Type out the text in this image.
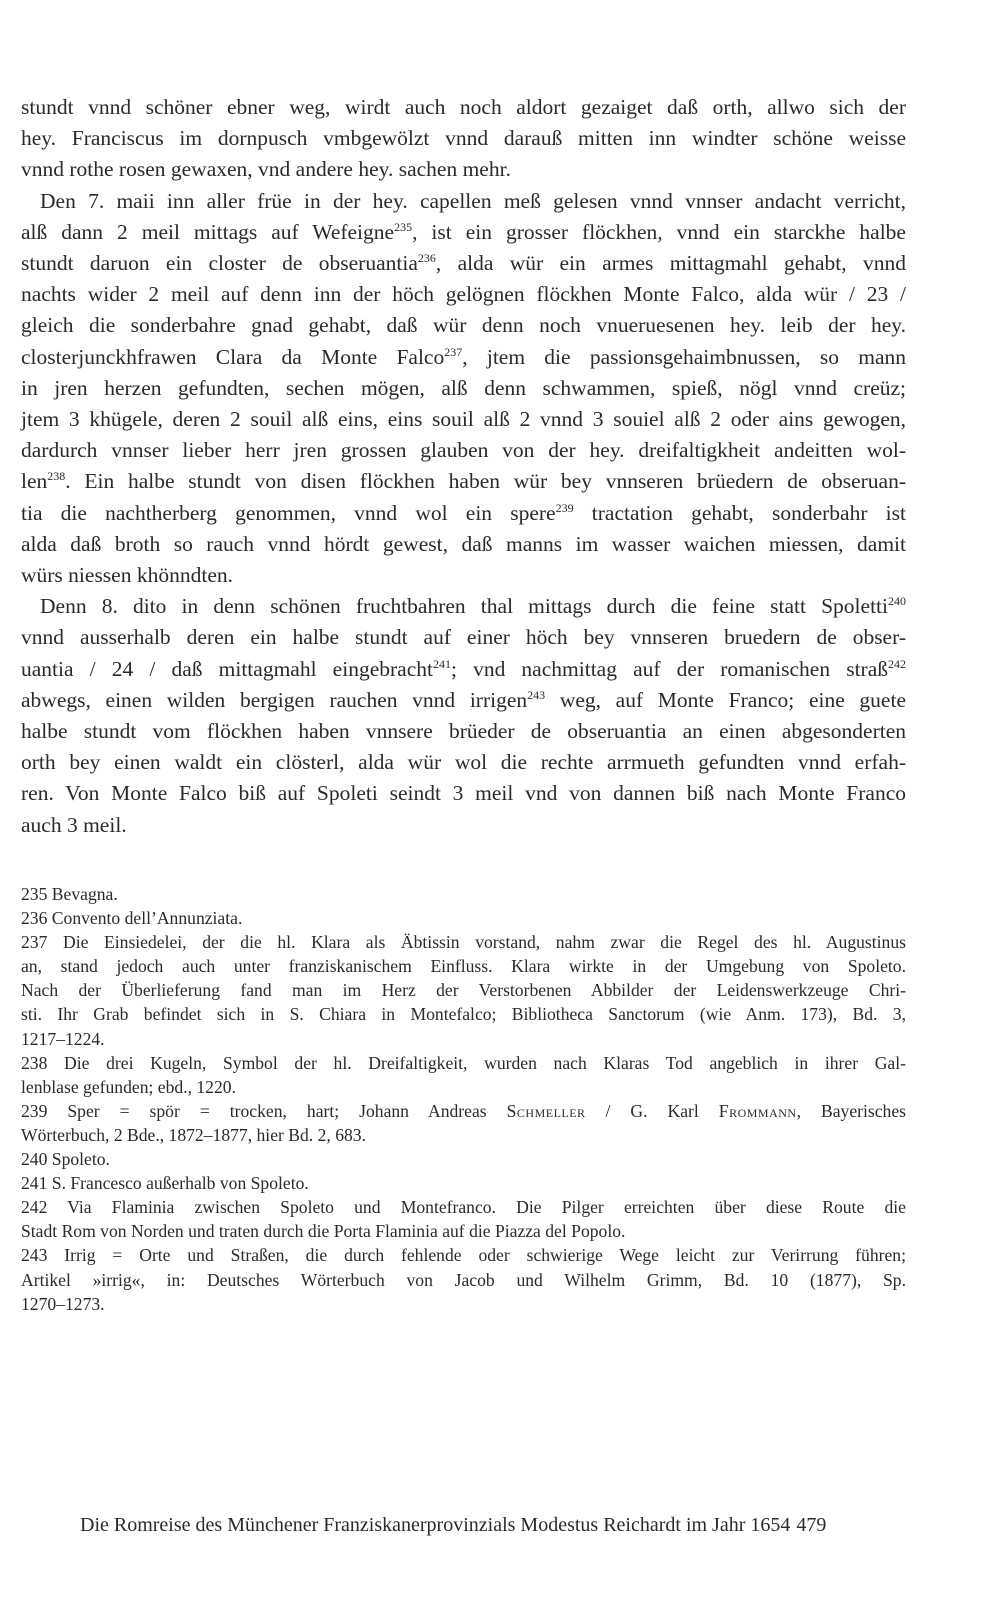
stundt vnnd schöner ebner weg, wirdt auch noch aldort gezaiget daß orth, allwo sich der
hey. Franciscus im dornpusch vmbgewölzt vnnd darauß mitten inn windter schöne weisse
vnnd rothe rosen gewaxen, vnd andere hey. sachen mehr.

Den 7. maii inn aller früe in der hey. capellen meß gelesen vnnd vnnser andacht verricht,
alß dann 2 meil mittags auf Wefeigne$^{235}$, ist ein grosser flöckhen, vnnd ein starckhe halbe
stundt daruon ein closter de obseruantia$^{236}$, alda wür ein armes mittagmahl gehabt, vnnd
nachts wider 2 meil auf denn inn der höch gelögnen flöckhen Monte Falco, alda wür / 23 /
gleich die sonderbahre gnad gehabt, daß wür denn noch vnueruesenen hey. leib der hey.
closterjunckhfrawen Clara da Monte Falco$^{237}$, jtem die passionsgehaimbnussen, so mann
in jren herzen gefundten, sechen mögen, alß denn schwammen, spieß, nögl vnnd creüz;
jtem 3 khügele, deren 2 souil alß eins, eins souil alß 2 vnnd 3 souiel alß 2 oder ains gewogen,
dardurch vnnser lieber herr jren grossen glauben von der hey. dreifaltigkheit andeitten wol-
len$^{238}$. Ein halbe stundt von disen flöckhen haben wür bey vnnseren brüedern de obseruan-
tia die nachtherberg genommen, vnnd wol ein spere$^{239}$ tractation gehabt, sonderbahr ist
alda daß broth so rauch vnnd hördt gewest, daß manns im wasser waichen miessen, damit
würs niessen khönndten.

Denn 8. dito in denn schönen fruchtbahren thal mittags durch die feine statt Spoletti$^{240}$
vnnd ausserhalb deren ein halbe stundt auf einer höch bey vnnseren bruedern de obser-
uantia / 24 / daß mittagmahl eingebracht$^{241}$; vnd nachmittag auf der romanischen straß$^{242}$
abwegs, einen wilden bergigen rauchen vnnd irrigen$^{243}$ weg, auf Monte Franco; eine guete
halbe stundt vom flöckhen haben vnnsere brüeder de obseruantia an einen abgesonderten
orth bey einen waldt ein clösterl, alda wür wol die rechte arrmueth gefundten vnnd erfah-
ren. Von Monte Falco biß auf Spoleti seindt 3 meil vnd von dannen biß nach Monte Franco
auch 3 meil.

235 Bevagna.
236 Convento dell’Annunziata.
237 Die Einsiedelei, der die hl. Klara als Äbtissin vorstand, nahm zwar die Regel des hl. Augustinus
an, stand jedoch auch unter franziskanischem Einfluss. Klara wirkte in der Umgebung von Spoleto.
Nach der Überlieferung fand man im Herz der Verstorbenen Abbilder der Leidenswerkzeuge Chri-
sti. Ihr Grab befindet sich in S. Chiara in Montefalco; Bibliotheca Sanctorum (wie Anm. 173), Bd. 3,
1217–1224.
238 Die drei Kugeln, Symbol der hl. Dreifaltigkeit, wurden nach Klaras Tod angeblich in ihrer Gal-
lenblase gefunden; ebd., 1220.
239 Sper = spör = trocken, hart; Johann Andreas Schmeller / G. Karl Frommann, Bayerisches
Wörterbuch, 2 Bde., 1872–1877, hier Bd. 2, 683.
240 Spoleto.
241 S. Francesco außerhalb von Spoleto.
242 Via Flaminia zwischen Spoleto und Montefranco. Die Pilger erreichten über diese Route die
Stadt Rom von Norden und traten durch die Porta Flaminia auf die Piazza del Popolo.
243 Irrig = Orte und Straßen, die durch fehlende oder schwierige Wege leicht zur Verirrung führen;
Artikel »irrig«, in: Deutsches Wörterbuch von Jacob und Wilhelm Grimm, Bd. 10 (1877), Sp.
1270–1273.
Die Romreise des Münchener Franziskanerprovinzials Modestus Reichardt im Jahr 1654 479
